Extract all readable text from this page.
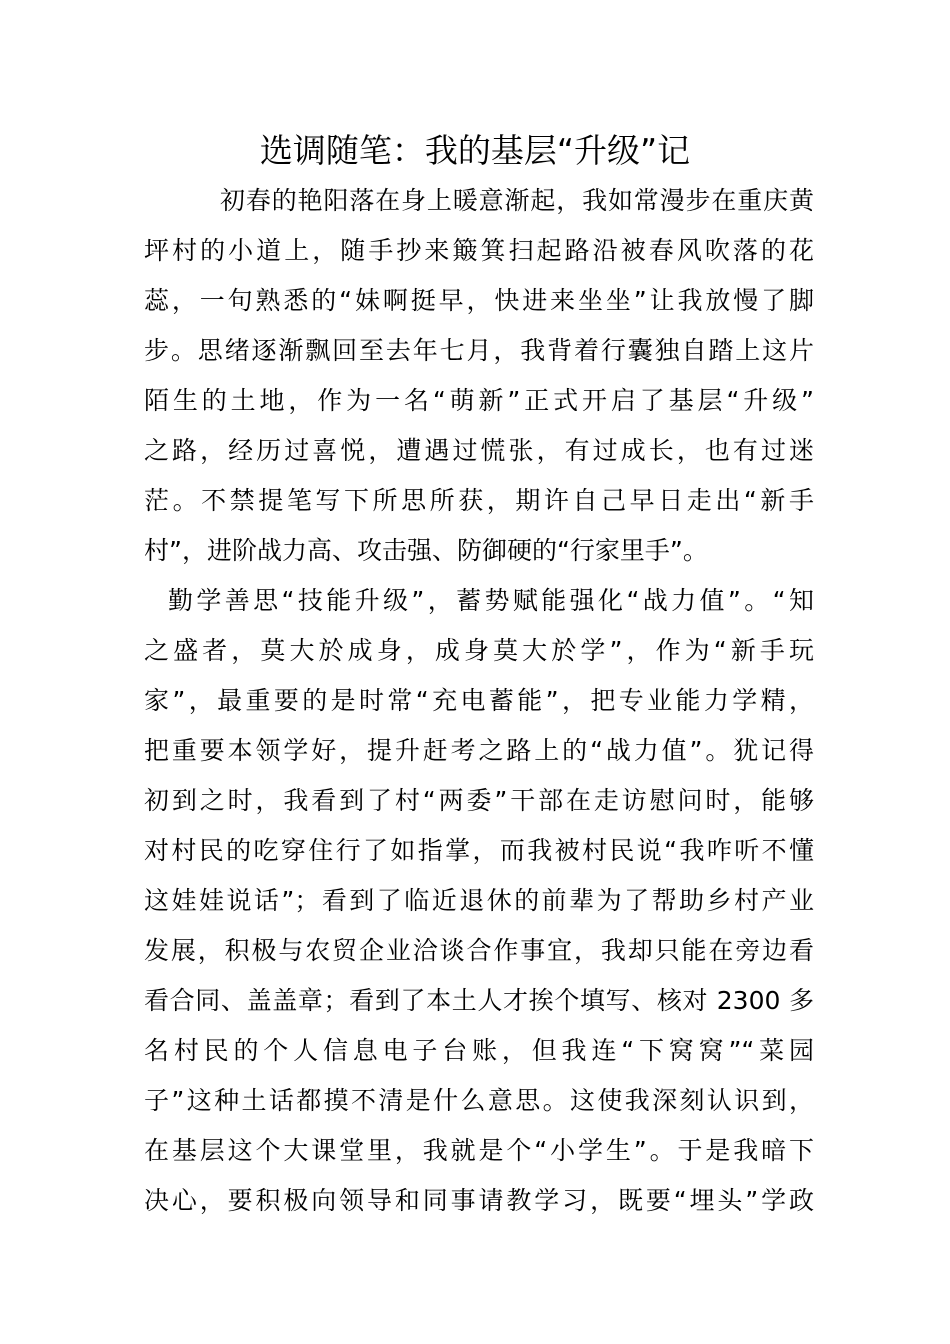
选调随笔：我的基层“升级”记
初春的艳阳落在身上暖意渐起，我如常漫步在重庆黄
坪村的小道上，随手抄来簸箕扫起路沿被春风吹落的花
蕊，一句熟悉的“妹啊挺早，快进来坐坐”让我放慢了脚
步。思绪逐渐飘回至去年七月，我背着行囊独自踏上这片
陌生的土地，作为一名“萌新”正式开启了基层“升级”
之路，经历过喜悦，遭遇过慌张，有过成长，也有过迷
茫。不禁提笔写下所思所获，期许自己早日走出“新手
村”，进阶战力高、攻击强、防御硬的“行家里手”。
勤学善思“技能升级”，蓄势赋能强化“战力值”。“知
之盛者，莫大於成身，成身莫大於学”，作为“新手玩
家”，最重要的是时常“充电蓄能”，把专业能力学精，
把重要本领学好，提升赶考之路上的“战力值”。犹记得
初到之时，我看到了村“两委”干部在走访慰问时，能够
对村民的吃穿住行了如指掌，而我被村民说“我咋听不懂
这娃娃说话”；看到了临近退休的前辈为了帮助乡村产业
发展，积极与农贸企业洽谈合作事宜，我却只能在旁边看
看合同、盖盖章；看到了本土人才挨个填写、核对 2300 多
名村民的个人信息电子台账，但我连“下窝窝”“菜园
子”这种土话都摸不清是什么意思。这使我深刻认识到，
在基层这个大课堂里，我就是个“小学生”。于是我暗下
决心，要积极向领导和同事请教学习，既要“埋头”学政
